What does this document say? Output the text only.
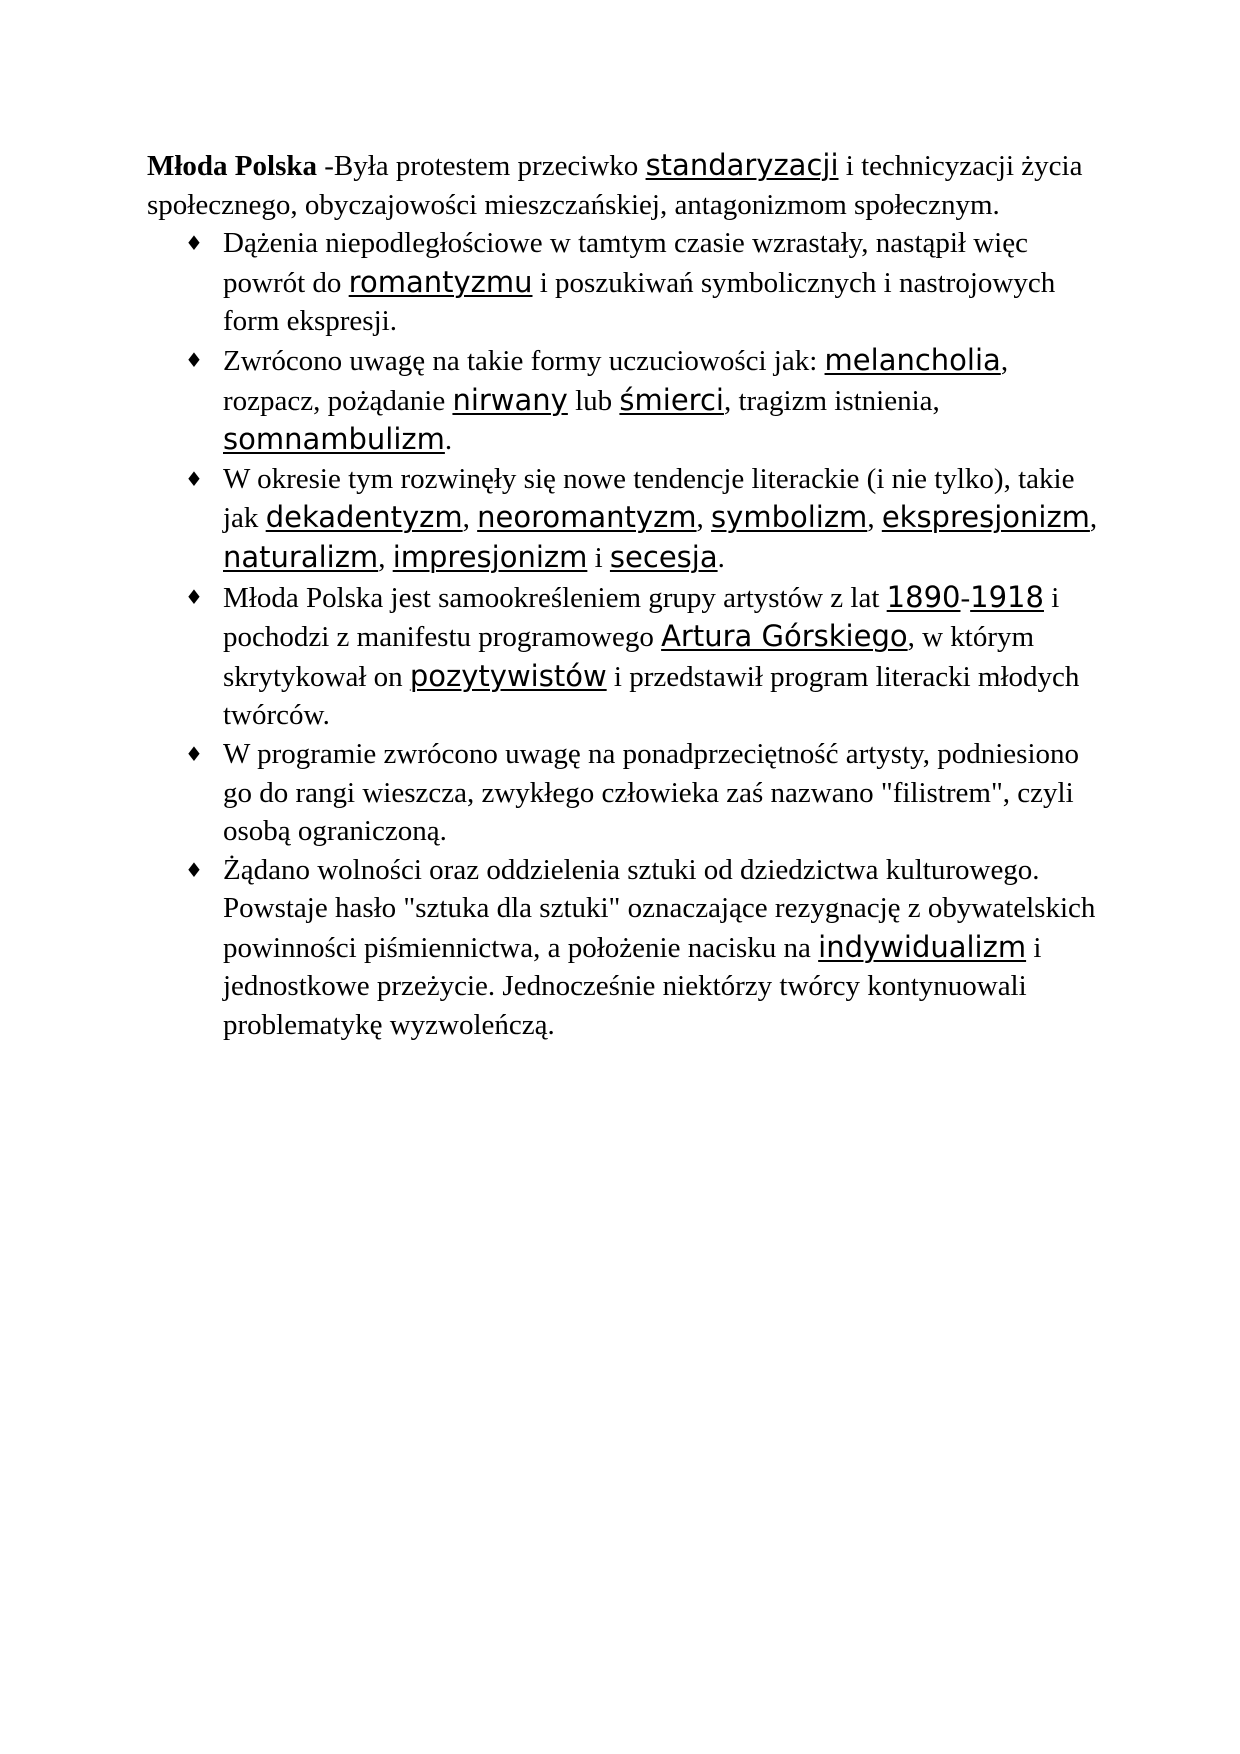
Młoda Polska -Była protestem przeciwko standaryzacji i technicyzacji życia społecznego, obyczajowości mieszczańskiej, antagonizmom społecznym.

♦ Dążenia niepodległościowe w tamtym czasie wzrastały, nastąpił więc powrót do romantyzmu i poszukiwań symbolicznych i nastrojowych form ekspresji.
♦ Zwrócono uwagę na takie formy uczuciowości jak: melancholia, rozpacz, pożądanie nirwany lub śmierci, tragizm istnienia, somnambulizm.
♦ W okresie tym rozwinęły się nowe tendencje literackie (i nie tylko), takie jak dekadentyzm, neoromantyzm, symbolizm, ekspresjonizm, naturalizm, impresjonizm i secesja.
♦ Młoda Polska jest samookreśleniem grupy artystów z lat 1890-1918 i pochodzi z manifestu programowego Artura Górskiego, w którym skrytykował on pozytywistów i przedstawił program literacki młodych twórców.
♦ W programie zwrócono uwagę na ponadprzeciętność artysty, podniesiono go do rangi wieszcza, zwykłego człowieka zaś nazwano "filistrem", czyli osobą ograniczoną.
♦ Żądano wolności oraz oddzielenia sztuki od dziedzictwa kulturowego. Powstaje hasło "sztuka dla sztuki" oznaczające rezygnację z obywatelskich powinności piśmiennictwa, a położenie nacisku na indywidualizm i jednostkowe przeżycie. Jednocześnie niektórzy twórcy kontynuowali problematykę wyzwoleńczą.
